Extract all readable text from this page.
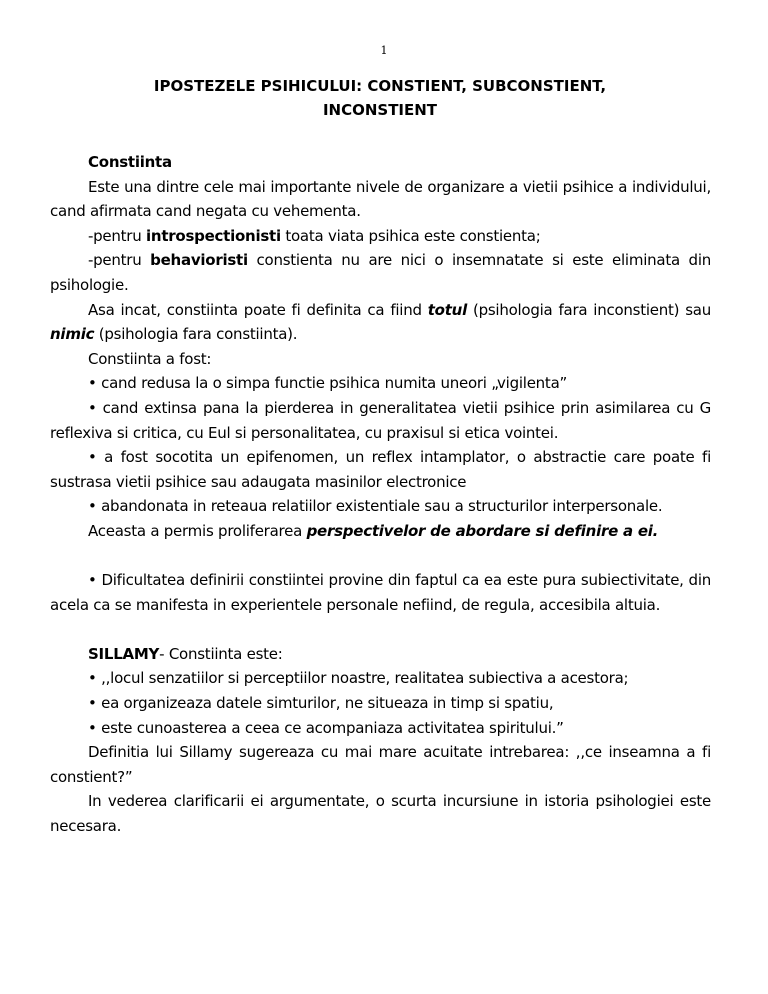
1
IPOSTEZELE PSIHICULUI: CONSTIENT, SUBCONSTIENT,
INCONSTIENT

Constiinta

Este una dintre cele mai importante nivele de organizare a vietii psihice a individului, cand afirmata cand negata cu vehementa.

-pentru introspectionisti toata viata psihica este constienta;

-pentru behavioristi constienta nu are nici o insemnatate si este eliminata din psihologie.

Asa incat, constiinta poate fi definita ca fiind totul (psihologia fara inconstient) sau nimic (psihologia fara constiinta).

Constiinta a fost:

• cand redusa la o simpa functie psihica numita uneori „vigilenta”

• cand extinsa pana la pierderea in generalitatea vietii psihice prin asimilarea cu G reflexiva si critica, cu Eul si personalitatea, cu praxisul si etica vointei.

• a fost socotita un epifenomen, un reflex intamplator, o abstractie care poate fi sustrasa vietii psihice sau adaugata masinilor electronice

• abandonata in reteaua relatiilor existentiale sau a structurilor interpersonale.

Aceasta a permis proliferarea perspectivelor de abordare si definire a ei.

• Dificultatea definirii constiintei provine din faptul ca ea este pura subiectivitate, din acela ca se manifesta in experientele personale nefiind, de regula, accesibila altuia.

SILLAMY- Constiinta este:

• ,,locul senzatiilor si perceptiilor noastre, realitatea subiectiva a acestora;

• ea organizeaza datele simturilor, ne situeaza in timp si spatiu,

• este cunoasterea a ceea ce acompaniaza activitatea spiritului.”

Definitia lui Sillamy sugereaza cu mai mare acuitate intrebarea: ,,ce inseamna a fi constient?”

In vederea clarificarii ei argumentate, o scurta incursiune in istoria psihologiei este necesara.
